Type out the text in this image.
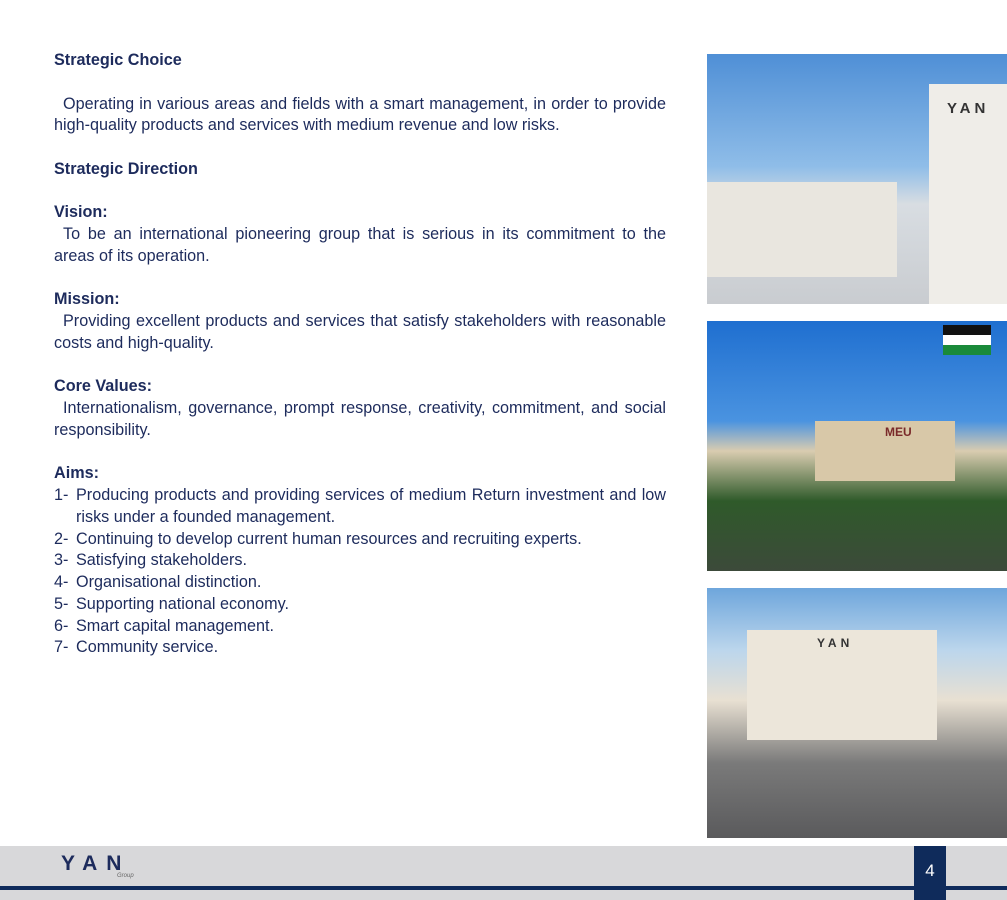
Strategic Choice

Operating in various areas and fields with a smart management, in order to provide high-quality products and services with medium revenue and low risks.

Strategic Direction

Vision:

To be an international pioneering group that is serious in its commitment to the areas of its operation.

Mission:

Providing excellent products and services that satisfy stakeholders with reasonable costs and high-quality.

Core Values:

Internationalism, governance, prompt response, creativity, commitment, and social responsibility.

Aims:

1- Producing products and providing services of medium Return investment and low risks under a founded management.
2- Continuing to develop current human resources and recruiting experts.
3- Satisfying stakeholders.
4- Organisational distinction.
5- Supporting national economy.
6- Smart capital management.
7- Community service.
YAN
MEU
YAN
YAN
Group	4
